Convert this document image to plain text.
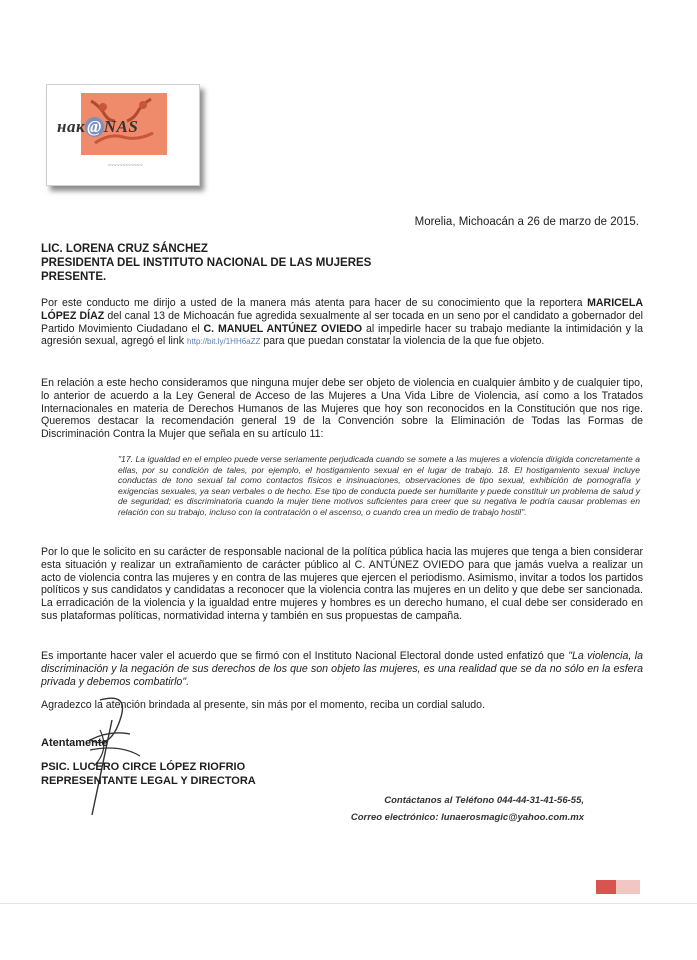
нак @ NAS
~~~~~~~~~~~~
Morelia, Michoacán a 26 de marzo de 2015.
LIC. LORENA CRUZ SÁNCHEZ
PRESIDENTA DEL INSTITUTO NACIONAL DE LAS MUJERES
PRESENTE.
Por este conducto me dirijo a usted de la manera más atenta para hacer de su conocimiento que la reportera MARICELA LÓPEZ DÍAZ del canal 13 de Michoacán fue agredida sexualmente al ser tocada en un seno por el candidato a gobernador del Partido Movimiento Ciudadano el C. MANUEL ANTÚNEZ OVIEDO al impedirle hacer su trabajo mediante la intimidación y la agresión sexual, agregó el link http://bit.ly/1HH6aZZ para que puedan constatar la violencia de la que fue objeto.
En relación a este hecho consideramos que ninguna mujer debe ser objeto de violencia en cualquier ámbito y de cualquier tipo, lo anterior de acuerdo a la Ley General de Acceso de las Mujeres a Una Vida Libre de Violencia, así como a los Tratados Internacionales en materia de Derechos Humanos de las Mujeres que hoy son reconocidos en la Constitución que nos rige. Queremos destacar la recomendación general 19 de la Convención sobre la Eliminación de Todas las Formas de Discriminación Contra la Mujer que señala en su artículo 11:
"17. La igualdad en el empleo puede verse seriamente perjudicada cuando se somete a las mujeres a violencia dirigida concretamente a ellas, por su condición de tales, por ejemplo, el hostigamiento sexual en el lugar de trabajo. 18. El hostigamiento sexual incluye conductas de tono sexual tal como contactos físicos e insinuaciones, observaciones de tipo sexual, exhibición de pornografía y exigencias sexuales, ya sean verbales o de hecho. Ese tipo de conducta puede ser humillante y puede constituir un problema de salud y de seguridad; es discriminatoria cuando la mujer tiene motivos suficientes para creer que su negativa le podría causar problemas en relación con su trabajo, incluso con la contratación o el ascenso, o cuando crea un medio de trabajo hostil".
Por lo que le solicito en su carácter de responsable nacional de la política pública hacia las mujeres que tenga a bien considerar esta situación y realizar un extrañamiento de carácter público al C. ANTÚNEZ OVIEDO para que jamás vuelva a realizar un acto de violencia contra las mujeres y en contra de las mujeres que ejercen el periodismo. Asimismo, invitar a todos los partidos políticos y sus candidatos y candidatas a reconocer que la violencia contra las mujeres en un delito y que debe ser sancionada. La erradicación de la violencia y la igualdad entre mujeres y hombres es un derecho humano, el cual debe ser considerado en sus plataformas políticas, normatividad interna y también en sus propuestas de campaña.
Es importante hacer valer el acuerdo que se firmó con el Instituto Nacional Electoral donde usted enfatizó que "La violencia, la discriminación y la negación de sus derechos de los que son objeto las mujeres, es una realidad que se da no sólo en la esfera privada y debemos combatirlo".
Agradezco la atención brindada al presente, sin más por el momento, reciba un cordial saludo.
Atentamente
PSIC. LUCERO CIRCE LÓPEZ RIOFRIO
REPRESENTANTE LEGAL Y DIRECTORA
Contáctanos al Teléfono 044-44-31-41-56-55,
Correo electrónico: lunaerosmagic@yahoo.com.mx
